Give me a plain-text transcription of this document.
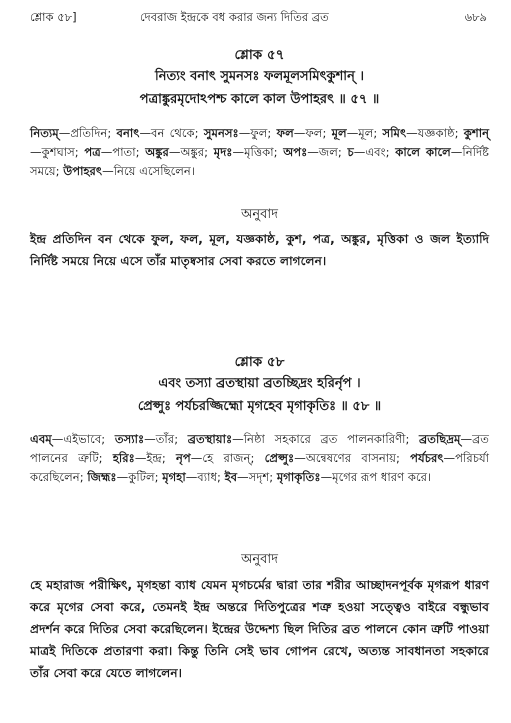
শ্লোক ৫৮]	দেবরাজ ইন্দ্রকে বধ করার জন্য দিতির ব্রত	৬৮৯
শ্লোক ৫৭
নিত্যং বনাৎ সুমনসঃ ফলমূলসমিৎকুশান্‌ ।
পত্রাঙ্কুরমৃদোঽপশ্চ কালে কাল উপাহরৎ ॥ ৫৭ ॥
নিত্যম্‌—প্রতিদিন; বনাৎ—বন থেকে; সুমনসঃ—ফুল; ফল—ফল; মূল—মূল; সমিৎ—যজ্ঞকাষ্ঠ; কুশান্‌—কুশঘাস; পত্র—পাতা; অঙ্কুর—অঙ্কুর; মৃদঃ—মৃত্তিকা; অপঃ—জল; চ—এবং; কালে কালে—নির্দিষ্ট সময়ে; উপাহরৎ—নিয়ে এসেছিলেন।
অনুবাদ
ইন্দ্র প্রতিদিন বন থেকে ফুল, ফল, মূল, যজ্ঞকাষ্ঠ, কুশ, পত্র, অঙ্কুর, মৃত্তিকা ও জল ইত্যাদি নির্দিষ্ট সময়ে নিয়ে এসে তাঁর মাতৃষ্বসার সেবা করতে লাগলেন।
শ্লোক ৫৮
এবং তস্যা ব্রতস্থায়া ব্রতচ্ছিদ্রং হরির্নৃপ ।
প্রেপ্সুঃ পর্যচরজ্জিহ্মো মৃগহেব মৃগাকৃতিঃ ॥ ৫৮ ॥
এবম্‌—এইভাবে; তস্যাঃ—তাঁর; ব্রতস্থায়াঃ—নিষ্ঠা সহকারে ব্রত পালনকারিণী; ব্রতছিদ্রম্‌—ব্রত পালনের ত্রুটি; হরিঃ—ইন্দ্র; নৃপ—হে রাজন্‌; প্রেপ্সুঃ—অন্বেষণের বাসনায়; পর্যচরৎ—পরিচর্যা করেছিলেন; জিহ্মঃ—কুটিল; মৃগহা—ব্যাধ; ইব—সদৃশ; মৃগাকৃতিঃ—মৃগের রূপ ধারণ করে।
অনুবাদ
হে মহারাজ পরীক্ষিৎ, মৃগহন্তা ব্যাধ যেমন মৃগচর্মের দ্বারা তার শরীর আচ্ছাদনপূর্বক মৃগরূপ ধারণ করে মৃগের সেবা করে, তেমনই ইন্দ্র অন্তরে দিতিপুত্রের শত্রু হওয়া সত্ত্বেও বাইরে বন্ধুভাব প্রদর্শন করে দিতির সেবা করেছিলেন। ইন্দ্রের উদ্দেশ্য ছিল দিতির ব্রত পালনে কোন ত্রুটি পাওয়া মাত্রই দিতিকে প্রতারণা করা। কিন্তু তিনি সেই ভাব গোপন রেখে, অত্যন্ত সাবধানতা সহকারে তাঁর সেবা করে যেতে লাগলেন।
